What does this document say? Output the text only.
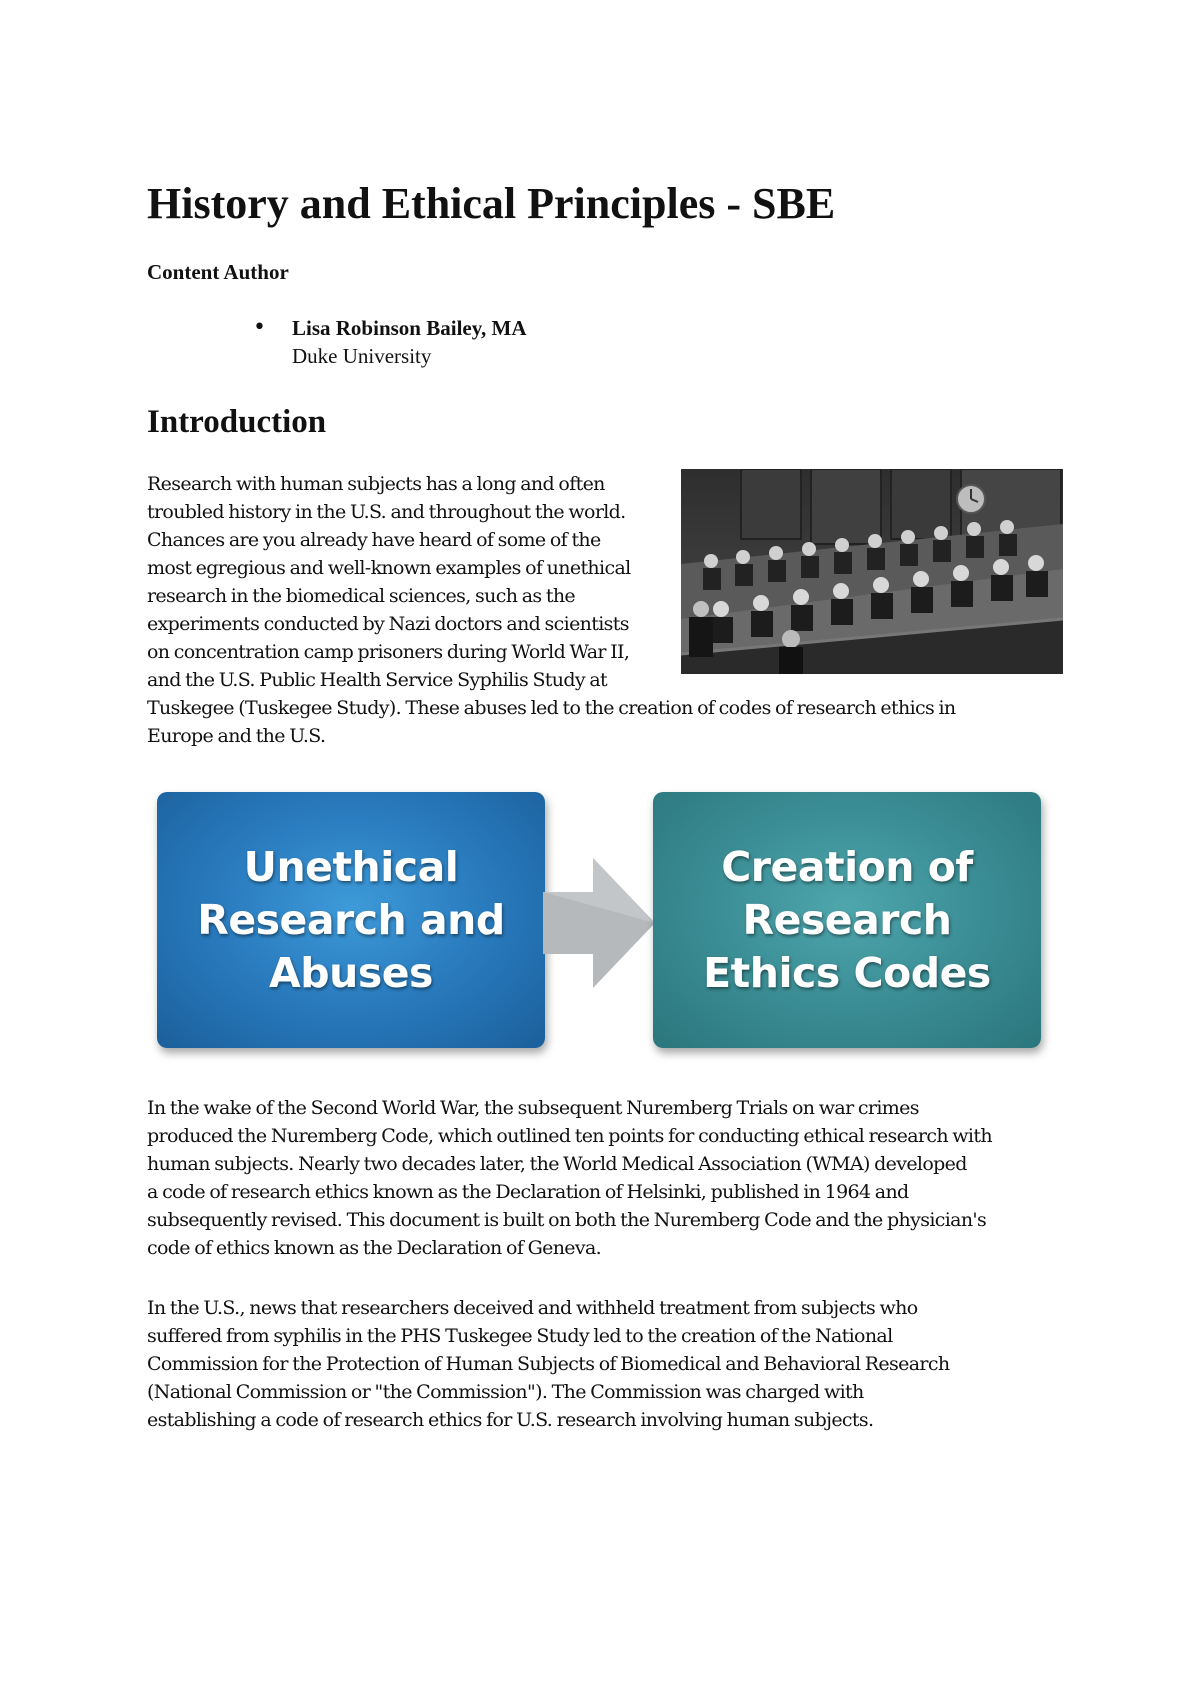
History and Ethical Principles - SBE
Content Author
• Lisa Robinson Bailey, MA
Duke University
Introduction
Research with human subjects has a long and often
troubled history in the U.S. and throughout the world.
Chances are you already have heard of some of the
most egregious and well-known examples of unethical
research in the biomedical sciences, such as the
experiments conducted by Nazi doctors and scientists
on concentration camp prisoners during World War II,
and the U.S. Public Health Service Syphilis Study at
Tuskegee (Tuskegee Study). These abuses led to the creation of codes of research ethics in
Europe and the U.S.
Unethical
Research and
Abuses
Creation of
Research
Ethics Codes
In the wake of the Second World War, the subsequent Nuremberg Trials on war crimes
produced the Nuremberg Code, which outlined ten points for conducting ethical research with
human subjects. Nearly two decades later, the World Medical Association (WMA) developed
a code of research ethics known as the Declaration of Helsinki, published in 1964 and
subsequently revised. This document is built on both the Nuremberg Code and the physician's
code of ethics known as the Declaration of Geneva.
In the U.S., news that researchers deceived and withheld treatment from subjects who
suffered from syphilis in the PHS Tuskegee Study led to the creation of the National
Commission for the Protection of Human Subjects of Biomedical and Behavioral Research
(National Commission or "the Commission"). The Commission was charged with
establishing a code of research ethics for U.S. research involving human subjects.
